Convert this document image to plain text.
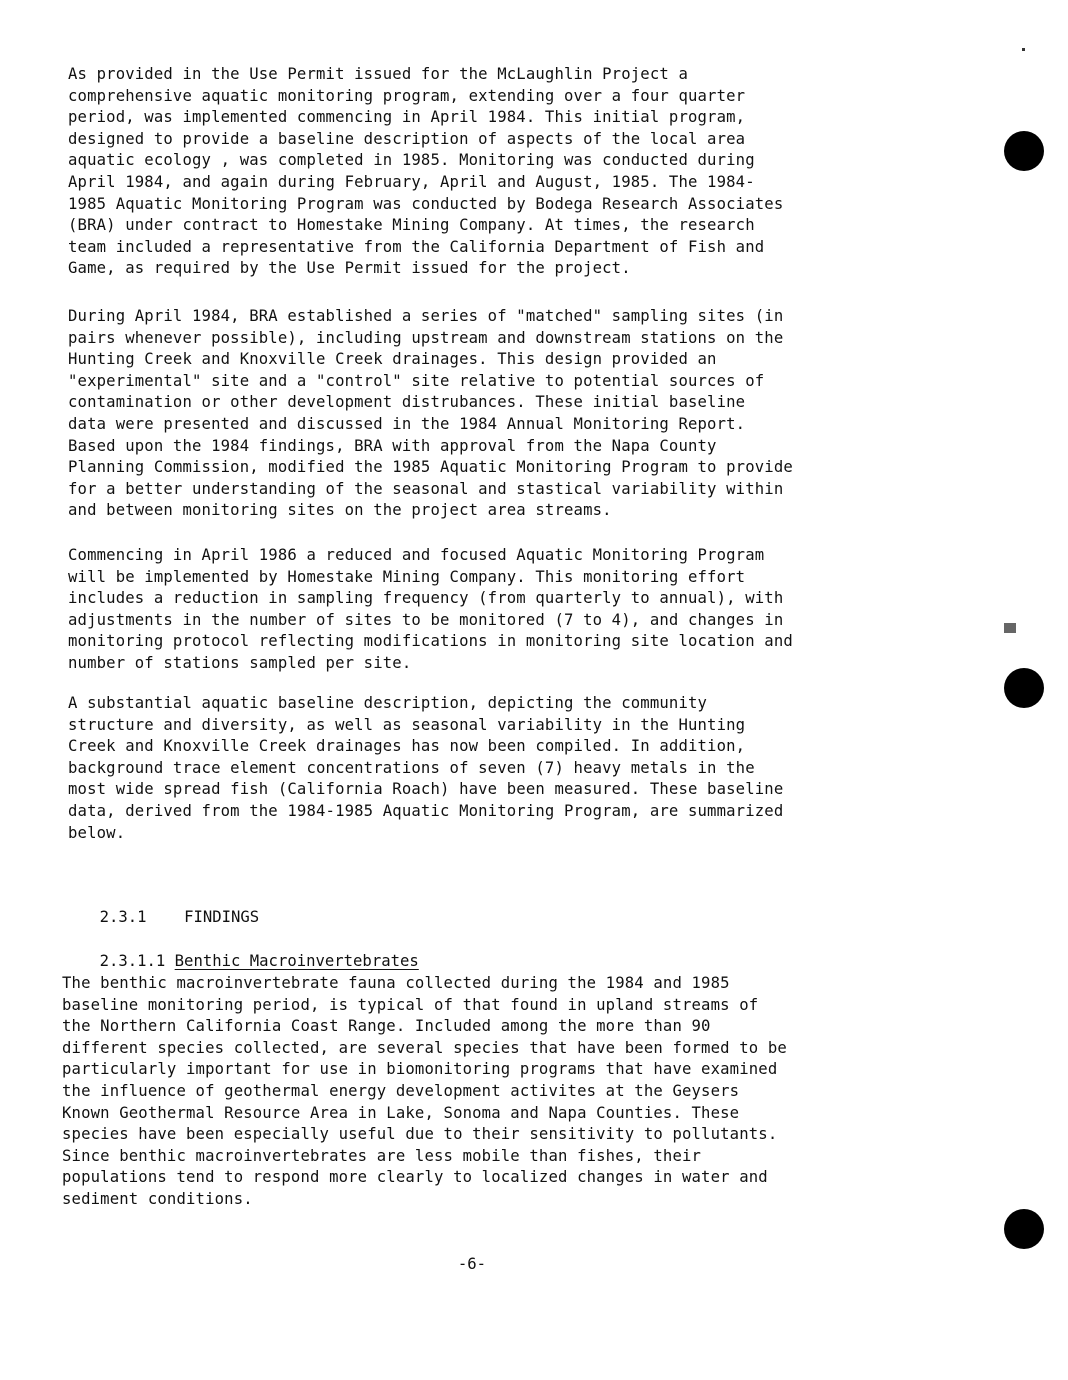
As provided in the Use Permit issued for the McLaughlin Project a
comprehensive aquatic monitoring program, extending over a four quarter
period, was implemented commencing in April 1984. This initial program,
designed to provide a baseline description of aspects of the local area
aquatic ecology , was completed in 1985. Monitoring was conducted during
April 1984, and again during February, April and August, 1985. The 1984-
1985 Aquatic Monitoring Program was conducted by Bodega Research Associates
(BRA) under contract to Homestake Mining Company. At times, the research
team included a representative from the California Department of Fish and
Game, as required by the Use Permit issued for the project.

During April 1984, BRA established a series of "matched" sampling sites (in
pairs whenever possible), including upstream and downstream stations on the
Hunting Creek and Knoxville Creek drainages. This design provided an
"experimental" site and a "control" site relative to potential sources of
contamination or other development distrubances. These initial baseline
data were presented and discussed in the 1984 Annual Monitoring Report.
Based upon the 1984 findings, BRA with approval from the Napa County
Planning Commission, modified the 1985 Aquatic Monitoring Program to provide
for a better understanding of the seasonal and stastical variability within
and between monitoring sites on the project area streams.

Commencing in April 1986 a reduced and focused Aquatic Monitoring Program
will be implemented by Homestake Mining Company. This monitoring effort
includes a reduction in sampling frequency (from quarterly to annual), with
adjustments in the number of sites to be monitored (7 to 4), and changes in
monitoring protocol reflecting modifications in monitoring site location and
number of stations sampled per site.

A substantial aquatic baseline description, depicting the community
structure and diversity, as well as seasonal variability in the Hunting
Creek and Knoxville Creek drainages has now been compiled. In addition,
background trace element concentrations of seven (7) heavy metals in the
most wide spread fish (California Roach) have been measured. These baseline
data, derived from the 1984-1985 Aquatic Monitoring Program, are summarized
below.

2.3.1 FINDINGS

2.3.1.1 Benthic Macroinvertebrates

The benthic macroinvertebrate fauna collected during the 1984 and 1985
baseline monitoring period, is typical of that found in upland streams of
the Northern California Coast Range. Included among the more than 90
different species collected, are several species that have been formed to be
particularly important for use in biomonitoring programs that have examined
the influence of geothermal energy development activites at the Geysers
Known Geothermal Resource Area in Lake, Sonoma and Napa Counties. These
species have been especially useful due to their sensitivity to pollutants.
Since benthic macroinvertebrates are less mobile than fishes, their
populations tend to respond more clearly to localized changes in water and
sediment conditions.

-6-
